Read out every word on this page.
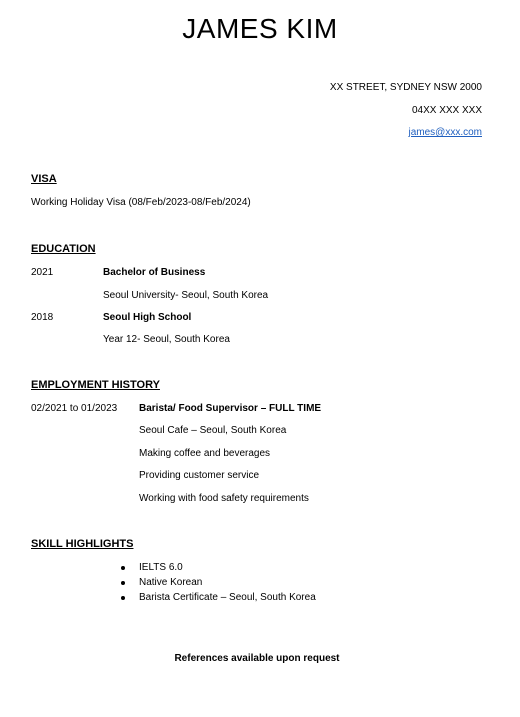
JAMES KIM
XX STREET, SYDNEY NSW 2000
04XX XXX XXX
james@xxx.com
VISA
Working Holiday Visa (08/Feb/2023-08/Feb/2024)
EDUCATION
2021	Bachelor of Business
Seoul University- Seoul, South Korea
2018	Seoul High School
Year 12- Seoul, South Korea
EMPLOYMENT HISTORY
02/2021 to 01/2023 Barista/ Food Supervisor – FULL TIME
Seoul Cafe – Seoul, South Korea
Making coffee and beverages
Providing customer service
Working with food safety requirements
SKILL HIGHLIGHTS
IELTS 6.0
Native Korean
Barista Certificate – Seoul, South Korea
References available upon request
